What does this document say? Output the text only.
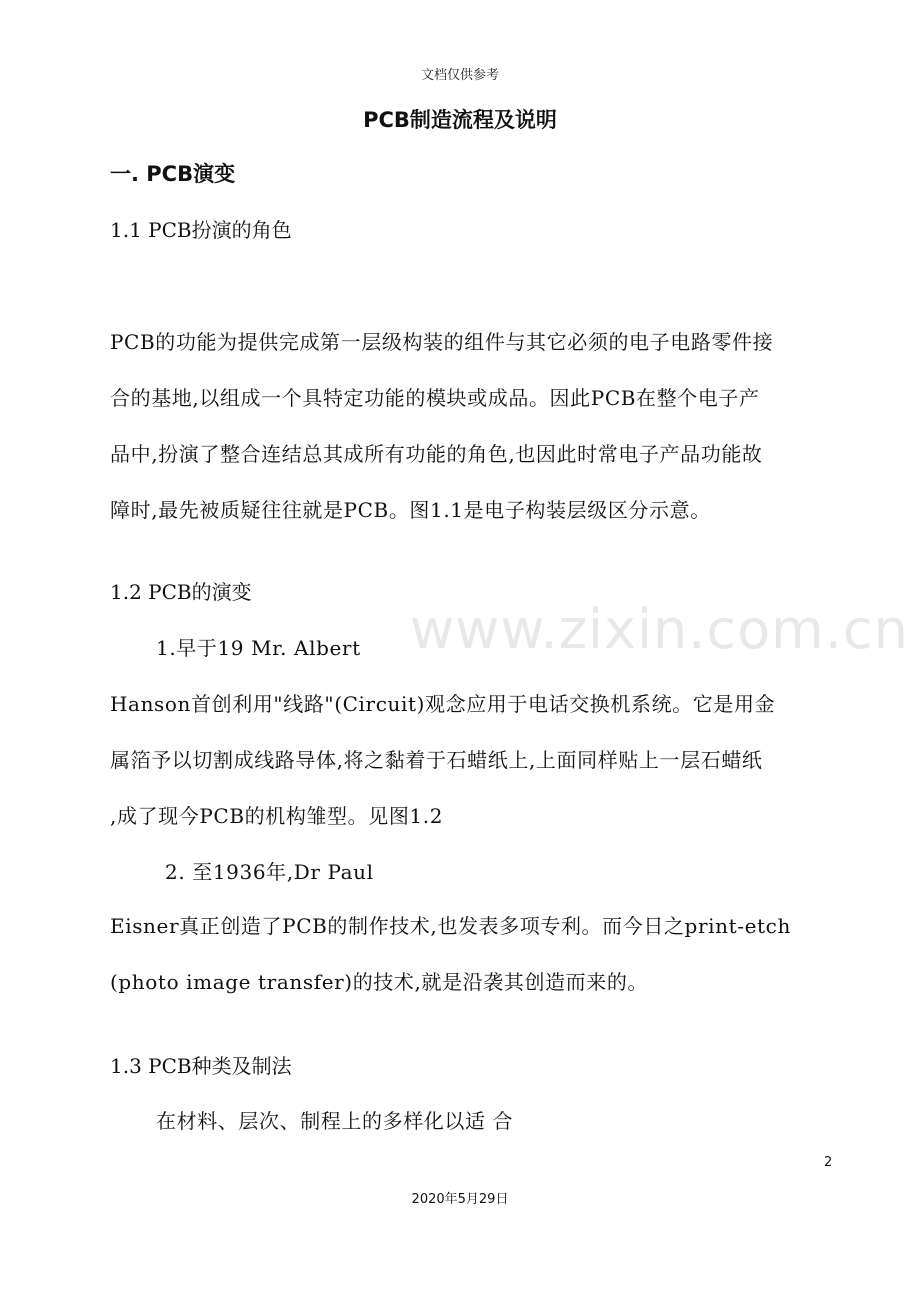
www.zixin.com.cn
文档仅供参考
PCB制造流程及说明
一. PCB演变
1.1 PCB扮演的角色
PCB的功能为提供完成第一层级构装的组件与其它必须的电子电路零件接
合的基地,以组成一个具特定功能的模块或成品。因此PCB在整个电子产
品中,扮演了整合连结总其成所有功能的角色,也因此时常电子产品功能故
障时,最先被质疑往往就是PCB。图1.1是电子构装层级区分示意。
1.2 PCB的演变
1.早于19 Mr. Albert
Hanson首创利用"线路"(Circuit)观念应用于电话交换机系统。它是用金
属箔予以切割成线路导体,将之黏着于石蜡纸上,上面同样贴上一层石蜡纸
,成了现今PCB的机构雏型。见图1.2
2. 至1936年,Dr Paul
Eisner真正创造了PCB的制作技术,也发表多项专利。而今日之print-etch
(photo image transfer)的技术,就是沿袭其创造而来的。
1.3 PCB种类及制法
在材料、层次、制程上的多样化以适 合
2
2020年5月29日
